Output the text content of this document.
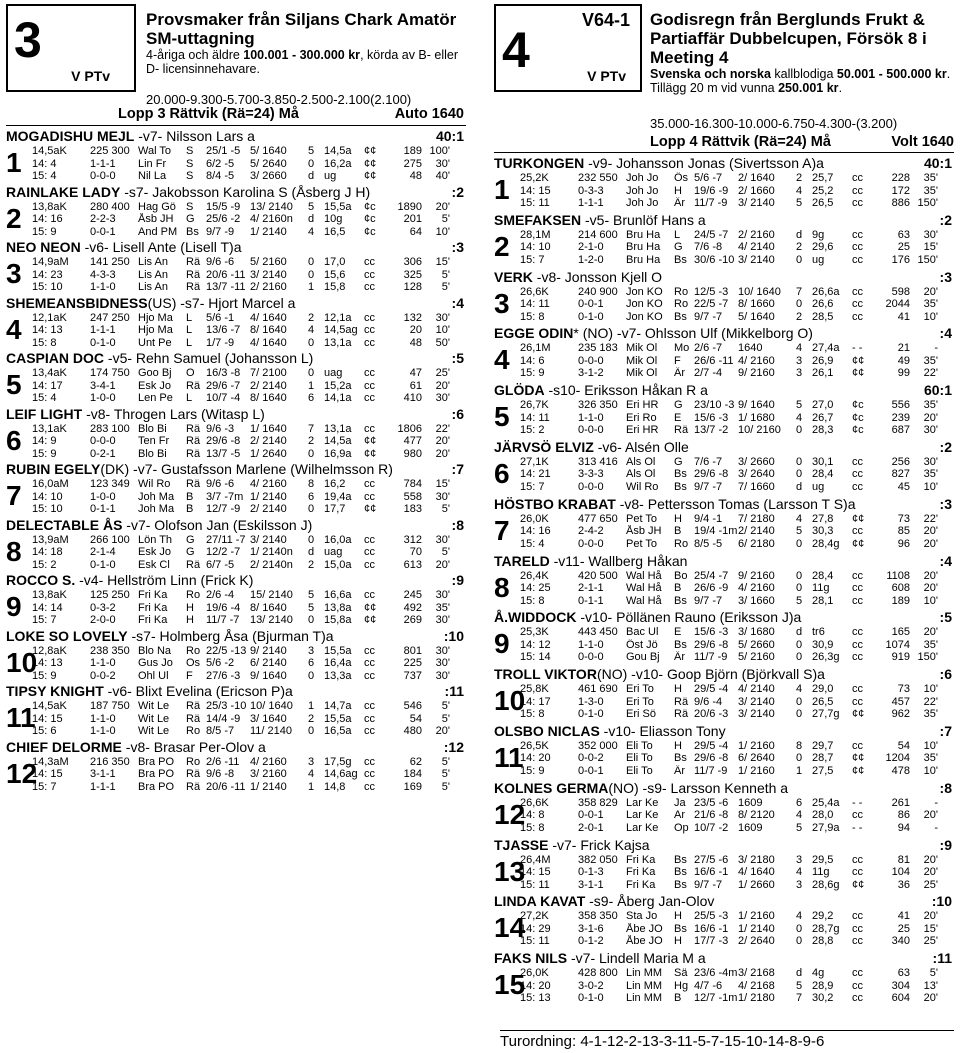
3
V PTv
Provsmaker från Siljans Chark Amatör SM-uttagning
4-åriga och äldre 100.001 - 300.000 kr, körda av B- eller D- licensinnehavare.
20.000-9.300-5.700-3.850-2.500-2.100(2.100)
Lopp 3 Rättvik (Rä=24) Må	Auto 1640
MOGADISHU MEJL -v7- Nilsson Lars a	40:1
1 14,5aK	225 300 Wal To	S	25/1 -5 5/ 1640	5 14,5a	¢¢	189 100'
14: 4	1-1-1	Lin Fr	S	6/2 -5	5/ 2640	0 16,2a	¢¢	275	30'
15: 4	0-0-0	Nil La	S	8/4 -5	3/ 2660	d ug	¢¢	48	40'
RAINLAKE LADY -s7- Jakobsson Karolina S (Åsberg J H)	:2
2 13,8aK	280 400 Hag Gö S	15/5 -9 13/ 2140	5 15,5a	¢c	1890	20'
14: 16	2-2-3	Åsb JH	G	25/6 -2 4/ 2160n	d 10g	¢c	201	5'
15: 9	0-0-1	And PM Bs 9/7 -9	1/ 2140	4 16,5	¢c	64	10'
NEO NEON -v6- Lisell Ante (Lisell T)a	:3
3 14,9aM	141 250 Lis An	Rä 9/6 -6	5/ 2160	0 17,0	cc	306	15'
14: 23	4-3-3	Lis An	Rä 20/6 -11 3/ 2140	0 15,6	cc	325	5'
15: 10	1-1-0	Lis An	Rä 13/7 -11 2/ 2160	1 15,8	cc	128	5'
SHEMEANSBIDNESS(US) -s7- Hjort Marcel a	:4
4 12,1aK	247 250 Hjo Ma	L	5/6 -1	4/ 1640	2 12,1a	cc	132	30'
14: 13	1-1-1	Hjo Ma	L	13/6 -7 8/ 1640	4 14,5ag cc	20	10'
15: 8	0-1-0	Unt Pe	L	1/7 -9	4/ 1640	0 13,1a	cc	48	50'
CASPIAN DOC -v5- Rehn Samuel (Johansson L)	:5
5 13,4aK	174 750 Goo Bj	O	16/3 -8 7/ 2100	0 uag	cc	47	25'
14: 17	3-4-1	Esk Jo	Rä 29/6 -7 2/ 2140	1 15,2a	cc	61	20'
15: 4	1-0-0	Len Pe	L	10/7 -4 8/ 1640	6 14,1a	cc	410	30'
LEIF LIGHT -v8- Throgen Lars (Witasp L)	:6
6 13,1aK	283 100 Blo Bi	Rä 9/6 -3	1/ 1640	7 13,1a	cc	1806	22'
14: 9	0-0-0	Ten Fr	Rä 29/6 -8 2/ 2140	2 14,5a	¢¢	477	20'
15: 9	0-2-1	Blo Bi	Rä 13/7 -5 1/ 2640	0 16,9a	¢¢	980	20'
RUBIN EGELY(DK) -v7- Gustafsson Marlene (Wilhelmsson R)	:7
7 16,0aM	123 349 Wil Ro	Rä 9/6 -6	4/ 2160	8 16,2	cc	784	15'
14: 10	1-0-0	Joh Ma	B	3/7 -7m 1/ 2140	6 19,4a	cc	558	30'
15: 10	0-1-1	Joh Ma	B	12/7 -9 2/ 2140	0 17,7	¢¢	183	5'
DELECTABLE ÅS -v7- Olofson Jan (Eskilsson J)	:8
8 13,9aM	266 100 Lön Th	G	27/11 -7 3/ 2140	0 16,0a	cc	312	30'
14: 18	2-1-4	Esk Jo	G	12/2 -7 1/ 2140n	d uag	cc	70	5'
15: 2	0-1-0	Esk Cl	Rä 6/7 -5	2/ 2140n	2 15,0a	cc	613	20'
ROCCO S. -v4- Hellström Linn (Frick K)	:9
9 13,8aK	125 250 Fri Ka	Ro 2/6 -4	15/ 2140	5 16,6a	cc	245	30'
14: 14	0-3-2	Fri Ka	H	19/6 -4 8/ 1640	5 13,8a	¢¢	492	35'
15: 7	2-0-0	Fri Ka	H	11/7 -7 13/ 2140	0 15,8a	¢¢	269	30'
LOKE SO LOVELY -s7- Holmberg Åsa (Bjurman T)a	:10
10
12,8aK	238 350 Blo Na	Ro 22/5 -13 9/ 2140	3 15,5a	cc	801	30'
14: 13	1-1-0	Gus Jo	Os 5/6 -2	6/ 2140	6 16,4a	cc	225	30'
15: 9	0-0-2	Ohl Ul	F	27/6 -3 9/ 1640	0 13,3a	cc	737	30'
TIPSY KNIGHT -v6- Blixt Evelina (Ericson P)a	:11
11
14,5aK	187 750 Wit Le	Rä 25/3 -10 10/ 1640	1 14,7a	cc	546	5'
14: 15	1-1-0	Wit Le	Rä 14/4 -9 3/ 1640	2 15,5a	cc	54	5'
15: 6	1-1-0	Wit Le	Ro 8/5 -7	11/ 2140	0 16,5a	cc	480	20'
CHIEF DELORME -v8- Brasar Per-Olov a	:12
12
14,3aM	216 350 Bra PO	Ro 2/6 -11 4/ 2160	3 17,5g	cc	62	5'
14: 15	3-1-1	Bra PO	Rä 9/6 -8	3/ 2160	4 14,6ag cc	184	5'
15: 7	1-1-1	Bra PO	Rä 20/6 -11 1/ 2140	1 14,8	cc	169	5'
4
V64-1
V PTv
Godisregn från Berglunds Frukt & Partiaffär Dubbelcupen, Försök 8 i Meeting 4
Svenska och norska kallblodiga 50.001 - 500.000 kr.
Tillägg 20 m vid vunna 250.001 kr.
35.000-16.300-10.000-6.750-4.300-(3.200)
Lopp 4 Rättvik (Rä=24) Må	Volt 1640
TURKONGEN -v9- Johansson Jonas (Sivertsson A)a	40:1
1 25,2K	232 550 Joh Jo	Ös 5/6 -7	2/ 1640	2 25,7	cc	228	35'
14: 15	0-3-3	Joh Jo	H	19/6 -9 2/ 1660	4 25,2	cc	172	35'
15: 11	1-1-1	Joh Jo	Är 11/7 -9 3/ 2140	5 26,5	cc	886 150'
SMEFAKSEN -v5- Brunlöf Hans a	:2
2 28,1M	214 600 Bru Ha	L	24/5 -7 2/ 2160	d 9g	cc	63	30'
14: 10	2-1-0	Bru Ha	G	7/6 -8	4/ 2140	2 29,6	cc	25	15'
15: 7	1-2-0	Bru Ha	Bs 30/6 -10 3/ 2140	0 ug	cc	176 150'
VERK -v8- Jonsson Kjell O	:3
3 26,6K	240 900 Jon KO	Ro 12/5 -3 10/ 1640	7 26,6a	cc	598	20'
14: 11	0-0-1	Jon KO	Ro 22/5 -7 8/ 1660	0 26,6	cc	2044	35'
15: 8	0-1-0	Jon KO	Bs 9/7 -7	5/ 1640	2 28,5	cc	41	10'
EGGE ODIN* (NO) -v7- Ohlsson Ulf (Mikkelborg O)	:4
4 26,1M	235 183 Mik Ol	Mo 2/6 -7	1640	4 27,4a	- -	21	-
14: 6	0-0-0	Mik Ol	F	26/6 -11 4/ 2160	3 26,9	¢¢	49	35'
15: 9	3-1-2	Mik Ol	Är 2/7 -4	9/ 2160	3 26,1	¢¢	99	22'
GLÖDA -s10- Eriksson Håkan R a	60:1
5 26,7K	326 350 Eri HR	G	23/10 -3 9/ 1640	5 27,0	¢c	556	35'
14: 11	1-1-0	Eri Ro	E	15/6 -3 1/ 1680	4 26,7	¢c	239	20'
15: 2	0-0-0	Eri HR	Rä 13/7 -2 10/ 2160	0 28,3	¢c	687	30'
JÄRVSÖ ELVIZ -v6- Alsén Olle	:2
6 27,1K	313 416 Als Ol	G	7/6 -7	3/ 2660	0 30,1	cc	256	30'
14: 21	3-3-3	Als Ol	Bs 29/6 -8 3/ 2640	0 28,4	cc	827	35'
15: 7	0-0-0	Wil Ro	Bs 9/7 -7	7/ 1660	d ug	cc	45	10'
HÖSTBO KRABAT -v8- Pettersson Tomas (Larsson T S)a	:3
7 26,0K	477 650 Pet To	H	9/4 -1	7/ 2180	4 27,8	¢¢	73	22'
14: 16	2-4-2	Åsb JH	B	19/4 -1m 2/ 2140	5 30,3	cc	85	20'
15: 4	0-0-0	Pet To	Ro 8/5 -5	6/ 2180	0 28,4g	¢¢	96	20'
TARELD -v11- Wallberg Håkan	:4
8 26,4K	420 500 Wal Hå	Bo 25/4 -7 9/ 2160	0 28,4	cc	1108	20'
14: 25	2-1-1	Wal Hå	B	26/6 -9 4/ 2160	0 11g	cc	608	20'
15: 8	0-1-1	Wal Hå	Bs 9/7 -7	3/ 1660	5 28,1	cc	189	10'
Å.WIDDOCK -v10- Pöllänen Rauno (Eriksson J)a	:5
9 25,3K	443 450 Bac Ul	E	15/6 -3 3/ 1680	d tr6	cc	165	20'
14: 12	1-1-0	Öst Jö	Bs 29/6 -8 5/ 2660	0 30,9	cc	1074	35'
15: 14	0-0-0	Gou Bj	Är 11/7 -9 5/ 2160	0 26,3g	cc	919 150'
TROLL VIKTOR(NO) -v10- Goop Björn (Björkvall S)a	:6
10
25,8K	461 690 Eri To	H	29/5 -4 4/ 2140	4 29,0	cc	73	10'
14: 17	1-3-0	Eri To	Rä 9/6 -4	3/ 2140	0 26,5	cc	457	22'
15: 8	0-1-0	Eri Sö	Rä 20/6 -3 3/ 2140	0 27,7g	¢¢	962	35'
OLSBO NICLAS -v10- Eliasson Tony	:7
11
26,5K	352 000 Eli To	H	29/5 -4 1/ 2160	8 29,7	cc	54	10'
14: 20	0-0-2	Eli To	Bs 29/6 -8 6/ 2640	0 28,7	¢¢	1204	35'
15: 9	0-0-1	Eli To	Är 11/7 -9 1/ 2160	1 27,5	¢¢	478	10'
KOLNES GERMA(NO) -s9- Larsson Kenneth a	:8
12
26,6K	358 829 Lar Ke	Ja 23/5 -6 1609	6 25,4a	- -	261	-
14: 8	0-0-1	Lar Ke	Ar 21/6 -8 8/ 2120	4 28,0	cc	86	20'
15: 8	2-0-1	Lar Ke	Op 10/7 -2 1609	5 27,9a	- -	94	-
TJASSE -v7- Frick Kajsa	:9
13
26,4M	382 050 Fri Ka	Bs 27/5 -6 3/ 2180	3 29,5	cc	81	20'
14: 15	0-1-3	Fri Ka	Bs 16/6 -1 4/ 1640	4 11g	cc	104	20'
15: 11	3-1-1	Fri Ka	Bs 9/7 -7	1/ 2660	3 28,6g	¢¢	36	25'
LINDA KAVAT -s9- Åberg Jan-Olov	:10
14
27,2K	358 350 Sta Jo	H	25/5 -3 1/ 2160	4 29,2	cc	41	20'
14: 29	3-1-6	Åbe JO	Bs 16/6 -1 1/ 2140	0 28,7g	cc	25	15'
15: 11	0-1-2	Åbe JO	H	17/7 -3 2/ 2640	0 28,8	cc	340	25'
FAKS NILS -v7- Lindell Maria M a	:11
15
26,0K	428 800 Lin MM	Sä 23/6 -4m 3/ 2168	d 4g	cc	63	5'
14: 20	3-0-2	Lin MM	Hg 4/7 -6	4/ 2168	5 28,9	cc	304	13'
15: 13	0-1-0	Lin MM	B	12/7 -1m 1/ 2180	7 30,2	cc	604	20'
Turordning: 4-1-12-2-13-3-11-5-7-15-10-14-8-9-6
